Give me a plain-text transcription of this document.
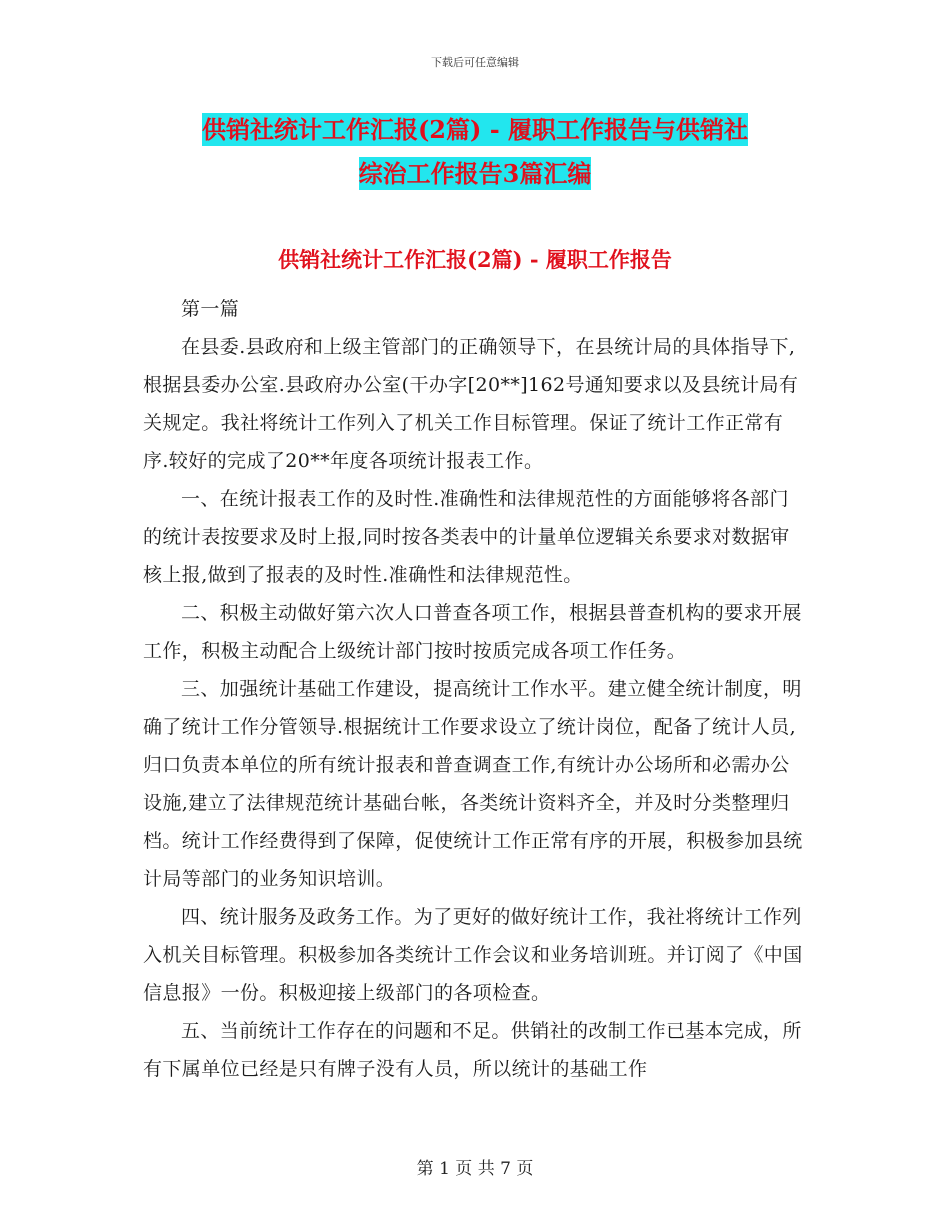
下载后可任意编辑
供销社统计工作汇报(2篇) - 履职工作报告与供销社
综治工作报告3篇汇编
供销社统计工作汇报(2篇) - 履职工作报告

第一篇

在县委.县政府和上级主管部门的正确领导下，在县统计局的具体指导下,根据县委办公室.县政府办公室(干办字[20**]162号通知要求以及县统计局有关规定。我社将统计工作列入了机关工作目标管理。保证了统计工作正常有序.较好的完成了20**年度各项统计报表工作。

一、在统计报表工作的及时性.准确性和法律规范性的方面能够将各部门的统计表按要求及时上报,同时按各类表中的计量单位逻辑关糸要求对数据审核上报,做到了报表的及时性.准确性和法律规范性。

二、积极主动做好第六次人口普查各项工作，根据县普查机构的要求开展工作，积极主动配合上级统计部门按时按质完成各项工作任务。

三、加强统计基础工作建设，提高统计工作水平。建立健全统计制度，明确了统计工作分管领导.根据统计工作要求设立了统计岗位，配备了统计人员,归口负责本单位的所有统计报表和普查调查工作,有统计办公场所和必需办公设施,建立了法律规范统计基础台帐，各类统计资料齐全，并及时分类整理归档。统计工作经费得到了保障，促使统计工作正常有序的开展，积极参加县统计局等部门的业务知识培训。

四、统计服务及政务工作。为了更好的做好统计工作，我社将统计工作列入机关目标管理。积极参加各类统计工作会议和业务培训班。并订阅了《中国信息报》一份。积极迎接上级部门的各项检查。

五、当前统计工作存在的问题和不足。供销社的改制工作已基本完成，所有下属单位已经是只有牌子没有人员，所以统计的基础工作

第 1 页 共 7 页
